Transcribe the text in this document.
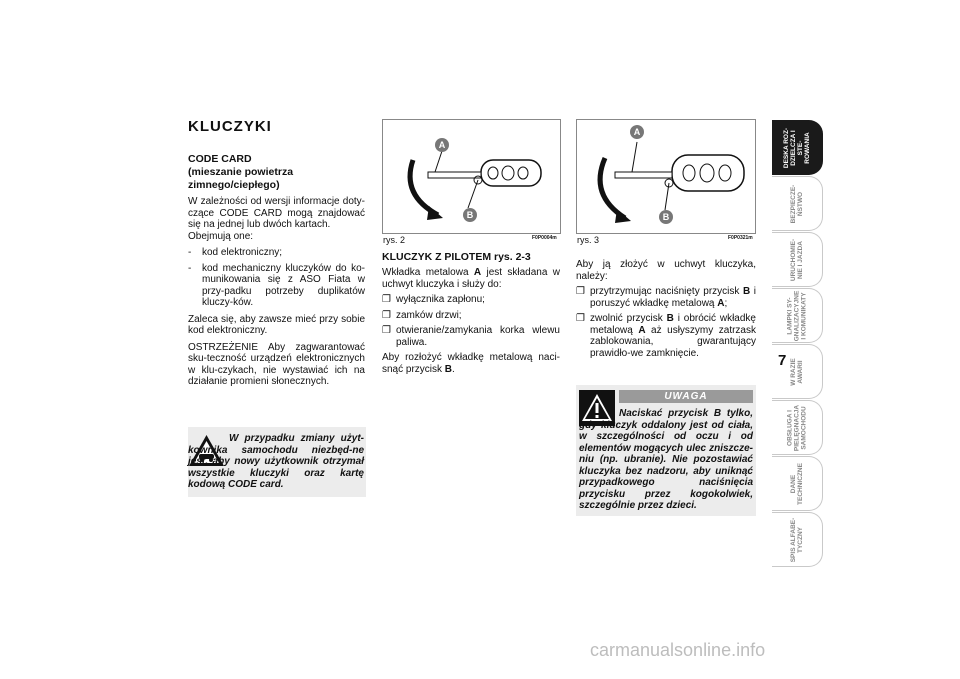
KLUCZYKI
CODE CARD
(mieszanie powietrza
zimnego/ciepłego)
W zależności od wersji informacje doty-czące CODE CARD mogą znajdować się na jednej lub dwóch kartach.
Obejmują one:
- kod elektroniczny;
- kod mechaniczny kluczyków do ko-munikowania się z ASO Fiata w przy-padku potrzeby duplikatów kluczy-ków.
Zaleca się, aby zawsze mieć przy sobie kod elektroniczny.
OSTRZEŻENIE Aby zagwarantować sku-teczność urządzeń elektronicznych w klu-czykach, nie wystawiać ich na działanie promieni słonecznych.
W przypadku zmiany użyt-kownika samochodu niezbęd-ne jest, aby nowy użytkownik otrzymał wszystkie kluczyki oraz kartę kodową CODE card.
A
B
rys. 2	F0P0004m
KLUCZYK Z PILOTEM rys. 2-3
Wkładka metalowa A jest składana w uchwyt kluczyka i służy do:
❐ wyłącznika zapłonu;
❐ zamków drzwi;
❐ otwieranie/zamykania korka wlewu paliwa.
Aby rozłożyć wkładkę metalową naci-snąć przycisk B.
A
B
rys. 3	F0P0321m
Aby ją złożyć w uchwyt kluczyka, należy:
❐ przytrzymując naciśnięty przycisk B i poruszyć wkładkę metalową A;
❐ zwolnić przycisk B i obrócić wkładkę metalową A aż usłyszymy zatrzask zablokowania, gwarantujący prawidło-we zamknięcie.
UWAGA
Naciskać przycisk B tylko, gdy kluczyk oddalony jest od ciała, w szczególności od oczu i od elementów mogących ulec zniszcze-niu (np. ubranie). Nie pozostawiać kluczyka bez nadzoru, aby uniknąć przypadkowego naciśnięcia przycisku przez kogokolwiek, szczególnie przez dzieci.
DESKA ROZ-
DZIELCZA I STE-
ROWANIA
BEZPIECZE-
ŃSTWO
URUCHOMIE-
NIE I JAZDA
LAMPKI SY-
GNALIZACYJNE
I KOMUNIKATY
W RAZIE
AWARII
OBSŁUGA I
PIELĘGNACJA
SAMOCHODU
DANE
TECHNICZNE
SPIS ALFABE-
TYCZNY
7
carmanualsonline.info
